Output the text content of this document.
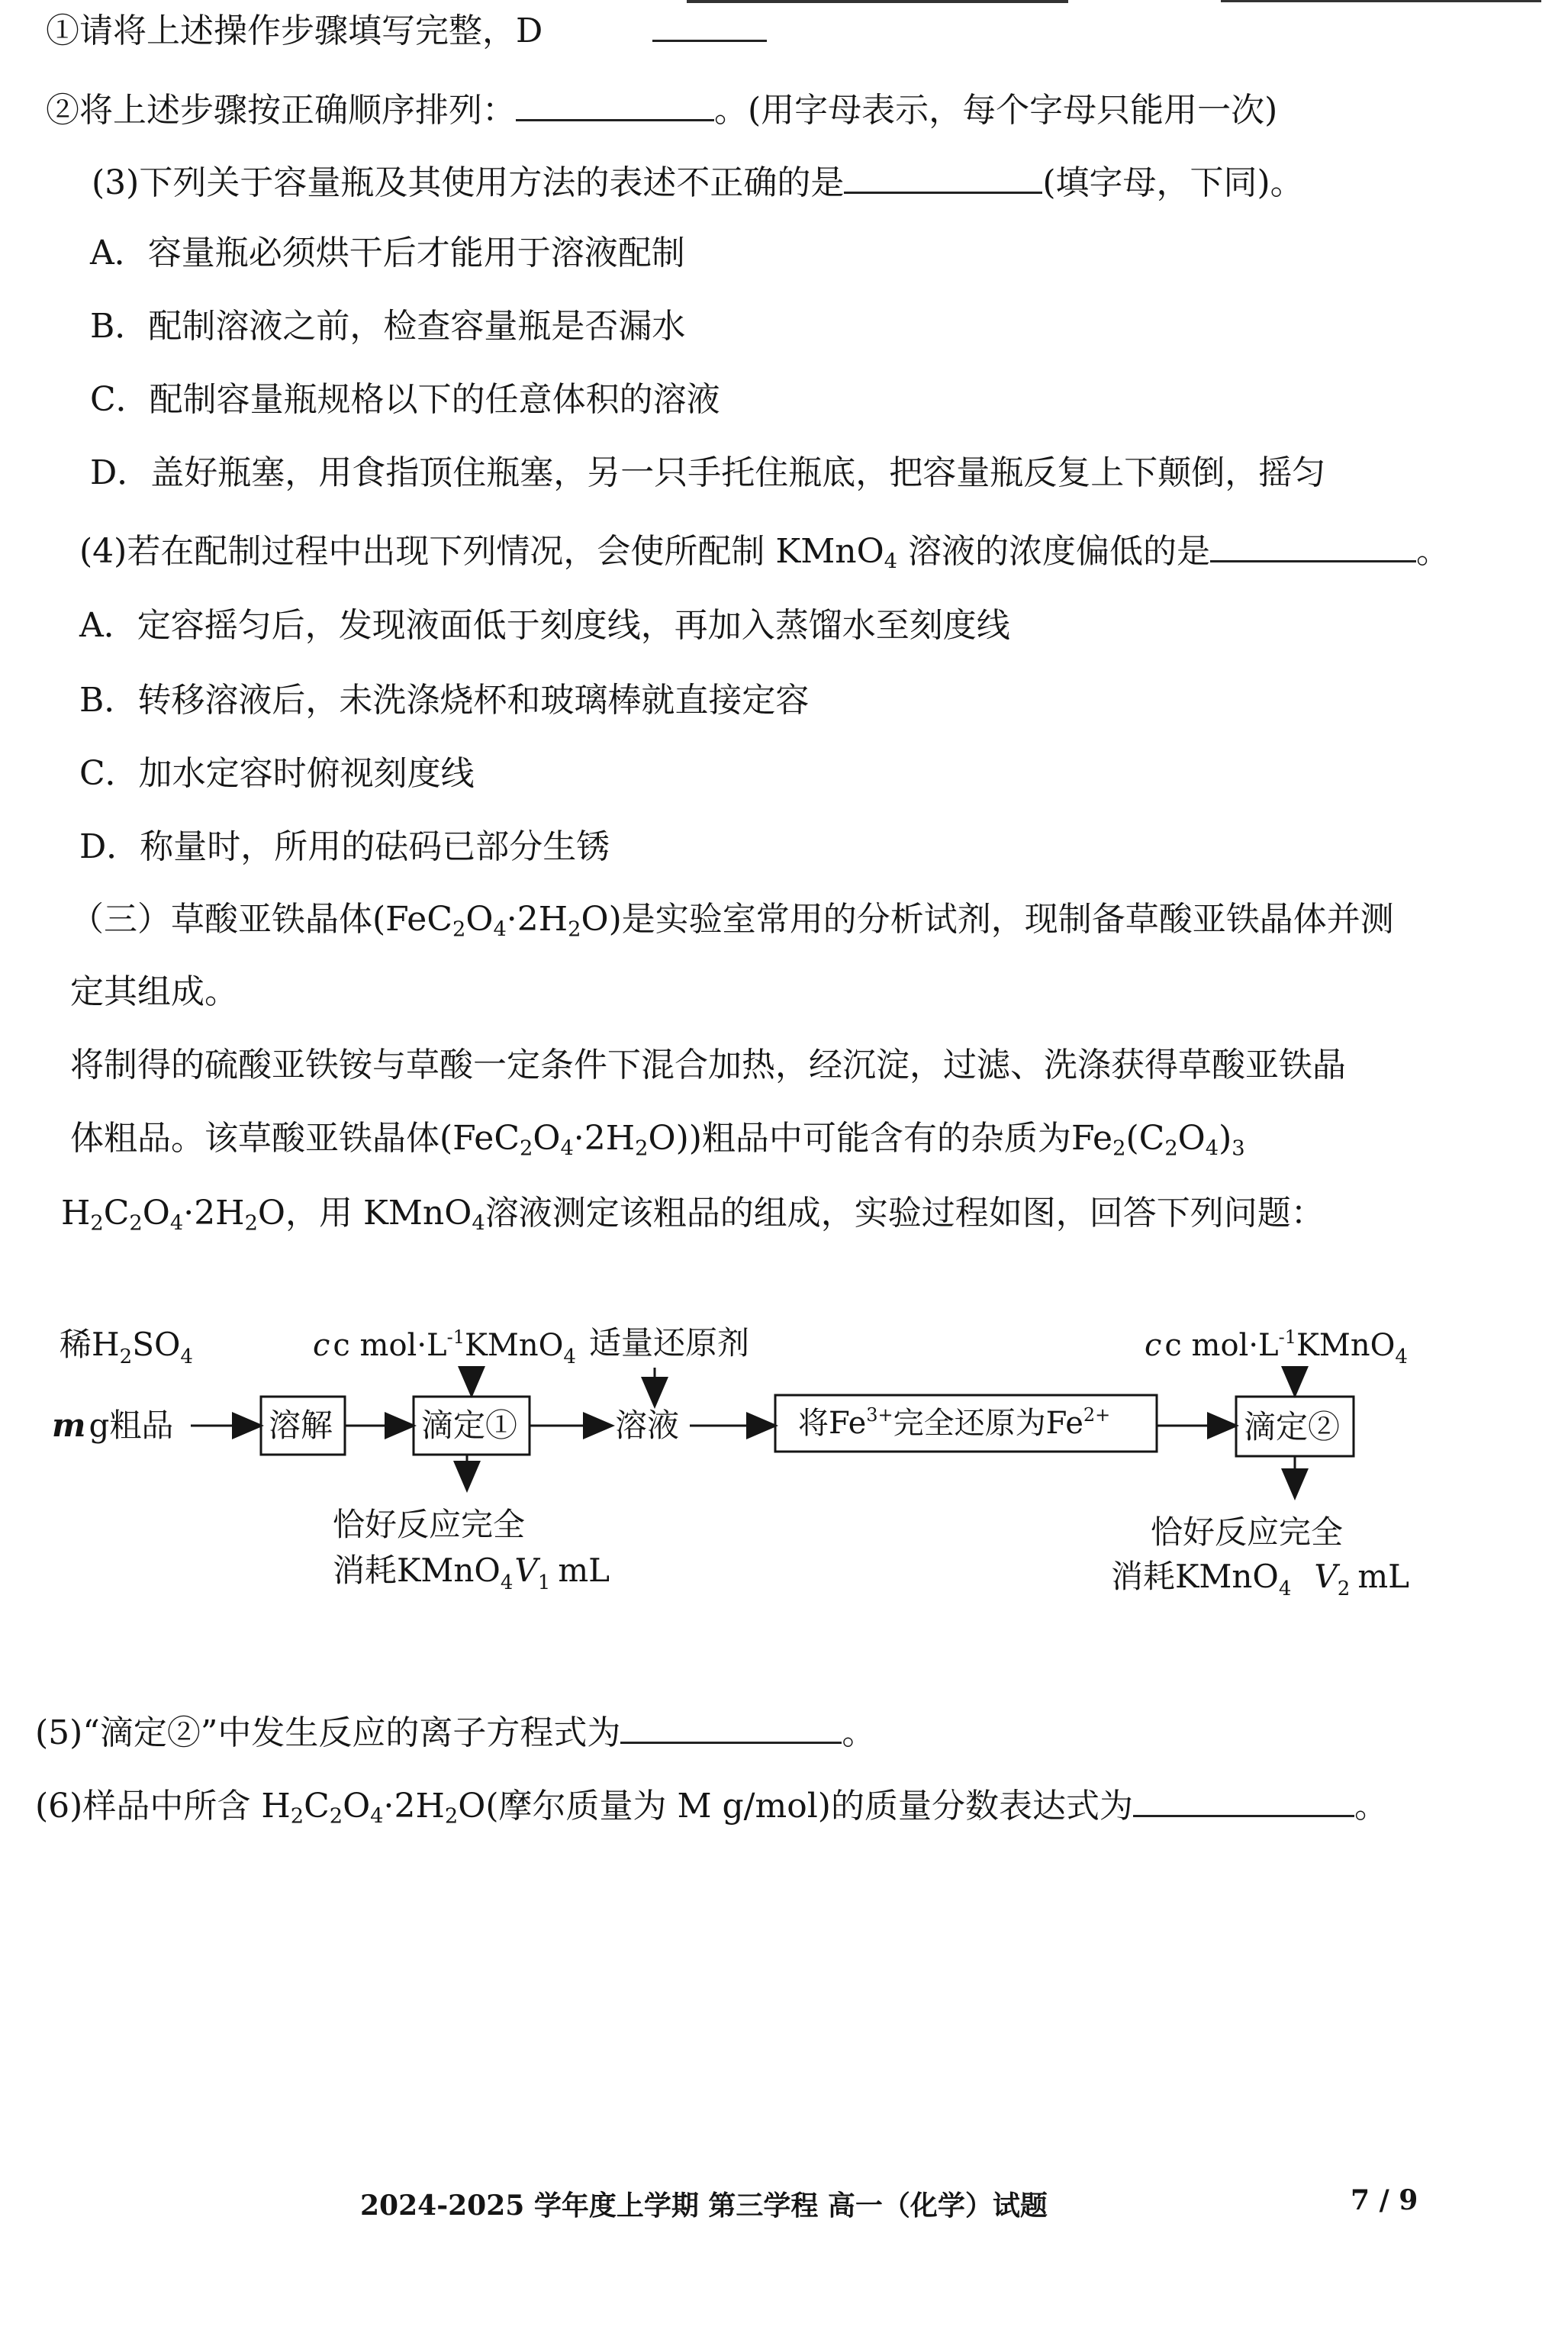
①请将上述操作步骤填写完整，D
②将上述步骤按正确顺序排列：	。(用字母表示，每个字母只能用一次)
(3)下列关于容量瓶及其使用方法的表述不正确的是	(填字母，下同)。
A．容量瓶必须烘干后才能用于溶液配制
B．配制溶液之前，检查容量瓶是否漏水
C．配制容量瓶规格以下的任意体积的溶液
D．盖好瓶塞，用食指顶住瓶塞，另一只手托住瓶底，把容量瓶反复上下颠倒，摇匀
(4)若在配制过程中出现下列情况，会使所配制 KMnO$_4$ 溶液的浓度偏低的是	。
A．定容摇匀后，发现液面低于刻度线，再加入蒸馏水至刻度线
B．转移溶液后，未洗涤烧杯和玻璃棒就直接定容
C．加水定容时俯视刻度线
D．称量时，所用的砝码已部分生锈
（三）草酸亚铁晶体$(FeC_2O_4\cdot 2H_2O)$是实验室常用的分析试剂，现制备草酸亚铁晶体并测
定其组成。
将制得的硫酸亚铁铵与草酸一定条件下混合加热，经沉淀，过滤、洗涤获得草酸亚铁晶
体粗品。该草酸亚铁晶体$(FeC_2O_4\cdot 2H_2O)$)粗品中可能含有的杂质为$Fe_2(C_2O_4)_3$
$H_2C_2O_4\cdot 2H_2O$，用 KMnO$_4$溶液测定该粗品的组成，实验过程如图，回答下列问题：
稀$H_2SO_4$	c c $mol\cdot L^{-1}KMnO_4$ 适量还原剂	c c $mol\cdot L^{-1}KMnO_4$
mg粗品	溶解	滴定①	溶液	将$Fe^{3+}$完全还原为$Fe^{2+}$	滴定②
恰好反应完全
消耗$KMnO_4V_1$ mL
恰好反应完全
消耗KMnO$_4$ $V_2$ mL
(5)“滴定②”中发生反应的离子方程式为	。
(6)样品中所含 $H_2C_2O_4\cdot 2H_2O$(摩尔质量为 M g/mol)的质量分数表达式为	。
2024-2025 学年度上学期 第三学程 高一（化学）试题	7 / 9
